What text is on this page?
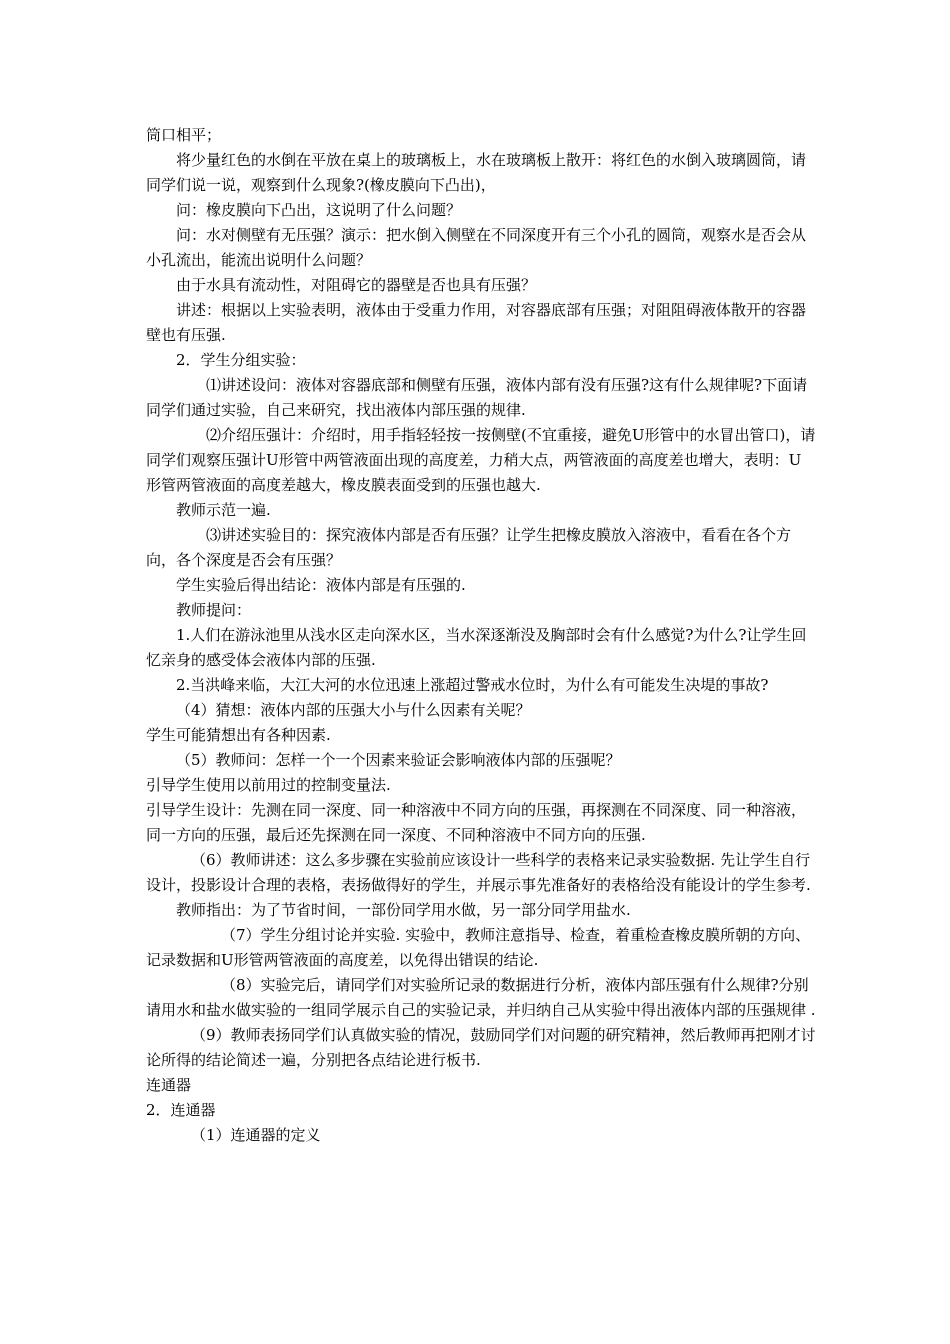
筒口相平；

将少量红色的水倒在平放在桌上的玻璃板上，水在玻璃板上散开：将红色的水倒入玻璃圆筒，请同学们说一说，观察到什么现象?(橡皮膜向下凸出)，

问：橡皮膜向下凸出，这说明了什么问题？

问：水对侧壁有无压强？演示：把水倒入侧壁在不同深度开有三个小孔的圆筒，观察水是否会从小孔流出，能流出说明什么问题？

由于水具有流动性，对阻碍它的器壁是否也具有压强？

讲述：根据以上实验表明，液体由于受重力作用，对容器底部有压强；对阻阻碍液体散开的容器壁也有压强.

2．学生分组实验：

⑴讲述设问：液体对容器底部和侧壁有压强，液体内部有没有压强?这有什么规律呢?下面请同学们通过实验，自己来研究，找出液体内部压强的规律.

⑵介绍压强计：介绍时，用手指轻轻按一按侧壁(不宜重接，避免U形管中的水冒出管口)，请同学们观察压强计U形管中两管液面出现的高度差，力稍大点，两管液面的高度差也增大，表明：U形管两管液面的高度差越大，橡皮膜表面受到的压强也越大.

教师示范一遍.

⑶讲述实验目的：探究液体内部是否有压强？让学生把橡皮膜放入溶液中，看看在各个方向，各个深度是否会有压强？

学生实验后得出结论：液体内部是有压强的.

教师提问：

1.人们在游泳池里从浅水区走向深水区，当水深逐渐没及胸部时会有什么感觉?为什么?让学生回忆亲身的感受体会液体内部的压强.

2.当洪峰来临，大江大河的水位迅速上涨超过警戒水位时，为什么有可能发生决堤的事故?

（4）猜想：液体内部的压强大小与什么因素有关呢？

学生可能猜想出有各种因素.

（5）教师问：怎样一个一个因素来验证会影响液体内部的压强呢？

引导学生使用以前用过的控制变量法.

引导学生设计：先测在同一深度、同一种溶液中不同方向的压强，再探测在不同深度、同一种溶液，同一方向的压强，最后还先探测在同一深度、不同种溶液中不同方向的压强.

（6）教师讲述：这么多步骤在实验前应该设计一些科学的表格来记录实验数据. 先让学生自行设计，投影设计合理的表格，表扬做得好的学生，并展示事先准备好的表格给没有能设计的学生参考.

教师指出：为了节省时间，一部份同学用水做，另一部分同学用盐水.

（7）学生分组讨论并实验. 实验中，教师注意指导、检查，着重检查橡皮膜所朝的方向、记录数据和U形管两管液面的高度差，以免得出错误的结论.

（8）实验完后，请同学们对实验所记录的数据进行分析，液体内部压强有什么规律?分别请用水和盐水做实验的一组同学展示自己的实验记录，并归纳自己从实验中得出液体内部的压强规律 .

（9）教师表扬同学们认真做实验的情况，鼓励同学们对问题的研究精神，然后教师再把刚才讨论所得的结论简述一遍，分别把各点结论进行板书.

连通器

2．连通器

（1）连通器的定义
